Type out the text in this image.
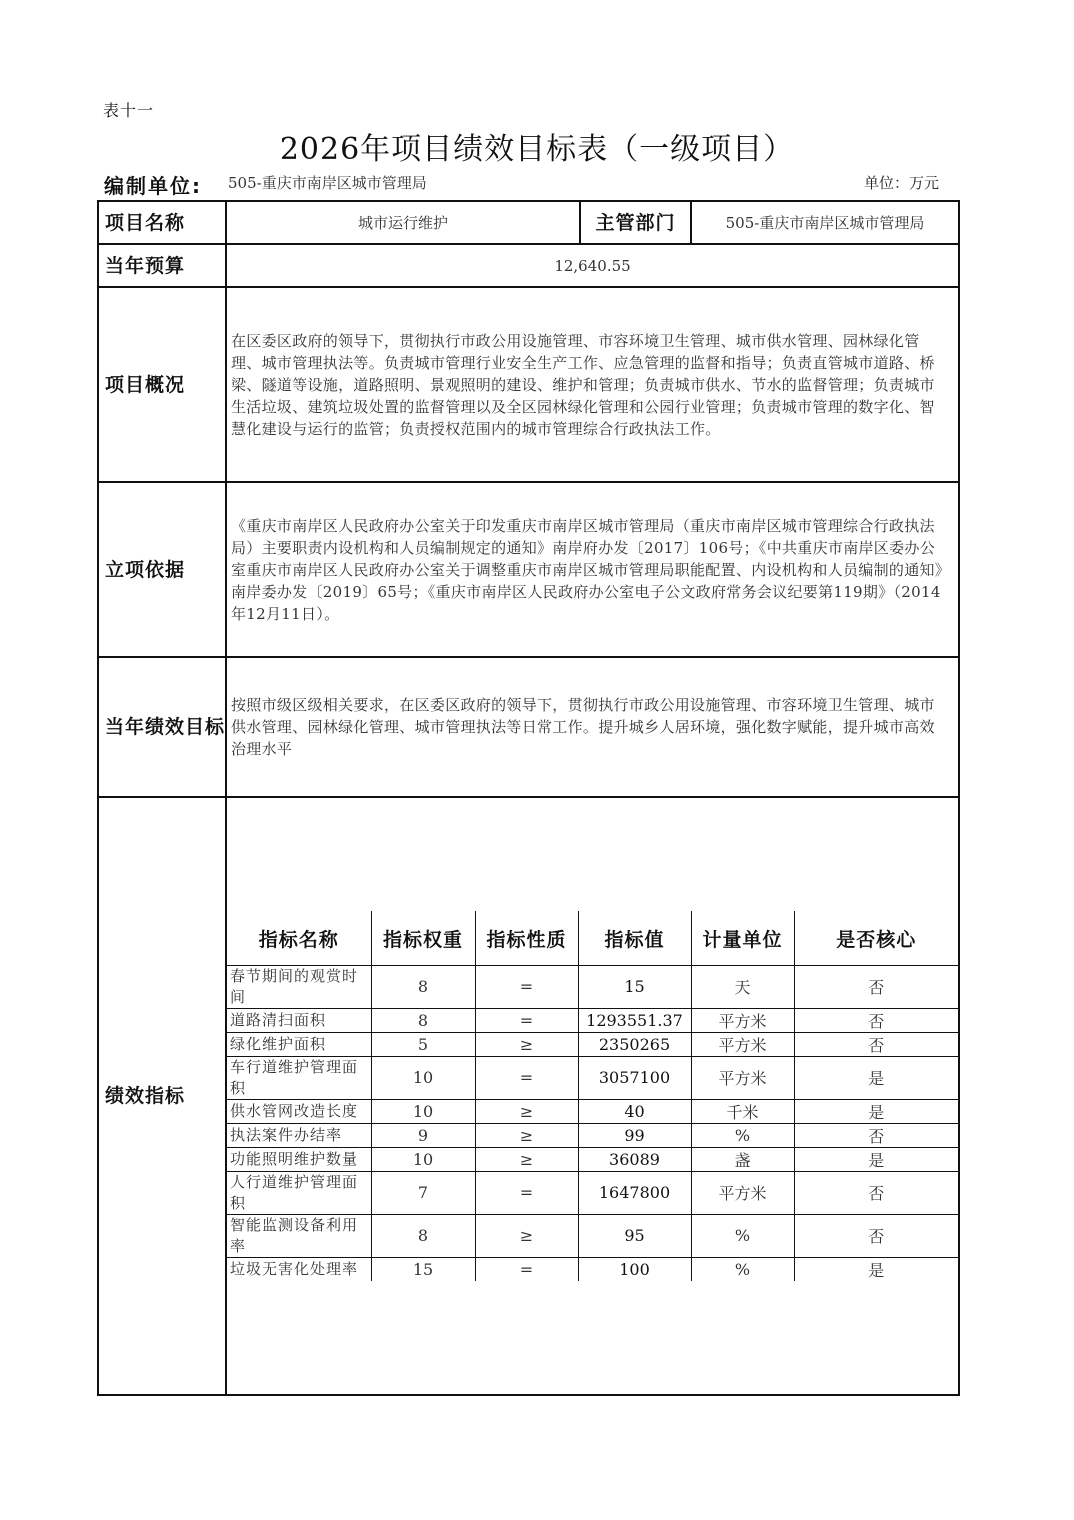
表十一
2026年项目绩效目标表（一级项目）
编制单位: 505-重庆市南岸区城市管理局	单位：万元
项目名称	城市运行维护	主管部门	505-重庆市南岸区城市管理局
当年预算	12,640.55
项目概况	在区委区政府的领导下，贯彻执行市政公用设施管理、市容环境卫生管理、城市供水管理、园林绿化管理、城市管理执法等。负责城市管理行业安全生产工作、应急管理的监督和指导；负责直管城市道路、桥梁、隧道等设施，道路照明、景观照明的建设、维护和管理；负责城市供水、节水的监督管理；负责城市生活垃圾、建筑垃圾处置的监督管理以及全区园林绿化管理和公园行业管理；负责城市管理的数字化、智慧化建设与运行的监管；负责授权范围内的城市管理综合行政执法工作。
立项依据	《重庆市南岸区人民政府办公室关于印发重庆市南岸区城市管理局（重庆市南岸区城市管理综合行政执法局）主要职责内设机构和人员编制规定的通知》南岸府办发〔2017〕106号；《中共重庆市南岸区委办公室重庆市南岸区人民政府办公室关于调整重庆市南岸区城市管理局职能配置、内设机构和人员编制的通知》南岸委办发〔2019〕65号；《重庆市南岸区人民政府办公室电子公文政府常务会议纪要第119期》（2014年12月11日）。
当年绩效目标	按照市级区级相关要求，在区委区政府的领导下，贯彻执行市政公用设施管理、市容环境卫生管理、城市供水管理、园林绿化管理、城市管理执法等日常工作。提升城乡人居环境，强化数字赋能，提升城市高效治理水平
绩效指标	
指标名称	指标权重	指标性质	指标值	计量单位	是否核心
春节期间的观赏时间	8	=	15	天	否
道路清扫面积	8	=	1293551.37	平方米	否
绿化维护面积	5	≥	2350265	平方米	否
车行道维护管理面积	10	=	3057100	平方米	是
供水管网改造长度	10	≥	40	千米	是
执法案件办结率	9	≥	99	%	否
功能照明维护数量	10	≥	36089	盏	是
人行道维护管理面积	7	=	1647800	平方米	否
智能监测设备利用率	8	≥	95	%	否
垃圾无害化处理率	15	=	100	%	是
